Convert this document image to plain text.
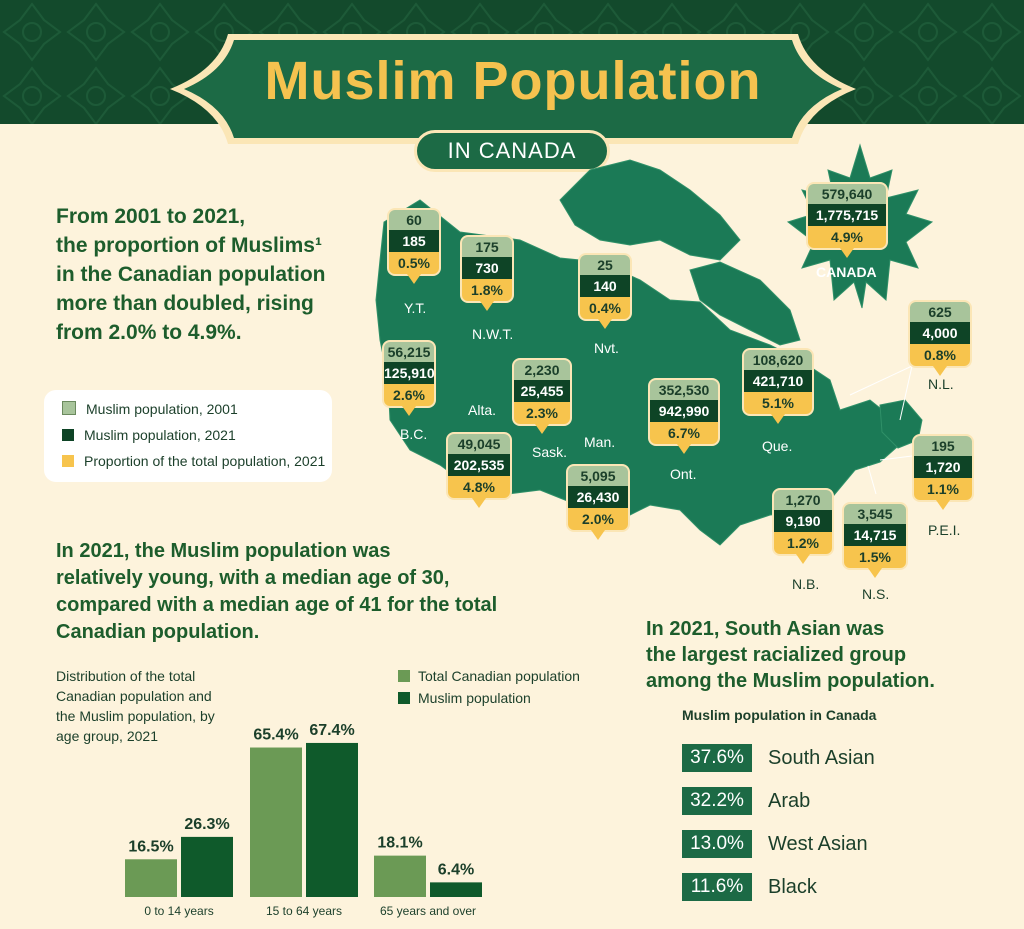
Muslim Population
IN CANADA
From 2001 to 2021,
the proportion of Muslims¹
in the Canadian population
more than doubled, rising
from 2.0% to 4.9%.
Muslim population, 2001
Muslim population, 2021
Proportion of the total population, 2021
60
185
0.5%
Y.T.
175
730
1.8%
N.W.T.
25
140
0.4%
Nvt.
56,215
125,910
2.6%
B.C.
Alta.
49,045
202,535
4.8%
2,230
25,455
2.3%
Sask.
Man.
5,095
26,430
2.0%
352,530
942,990
6.7%
Ont.
108,620
421,710
5.1%
Que.
625
4,000
0.8%
N.L.
1,270
9,190
1.2%
N.B.
3,545
14,715
1.5%
N.S.
195
1,720
1.1%
P.E.I.
579,640
1,775,715
4.9%
CANADA
In 2021, the Muslim population was
relatively young, with a median age of 30,
compared with a median age of 41 for the total
Canadian population.
Distribution of the total Canadian population and the Muslim population, by age group, 2021
Total Canadian population
Muslim population
16.5%
26.3%
0 to 14 years
65.4% 67.4%
15 to 64 years
18.1%
6.4%
65 years and over
In 2021, South Asian was
the largest racialized group
among the Muslim population.
Muslim population in Canada
37.6% South Asian
32.2% Arab
13.0% West Asian
11.6% Black
